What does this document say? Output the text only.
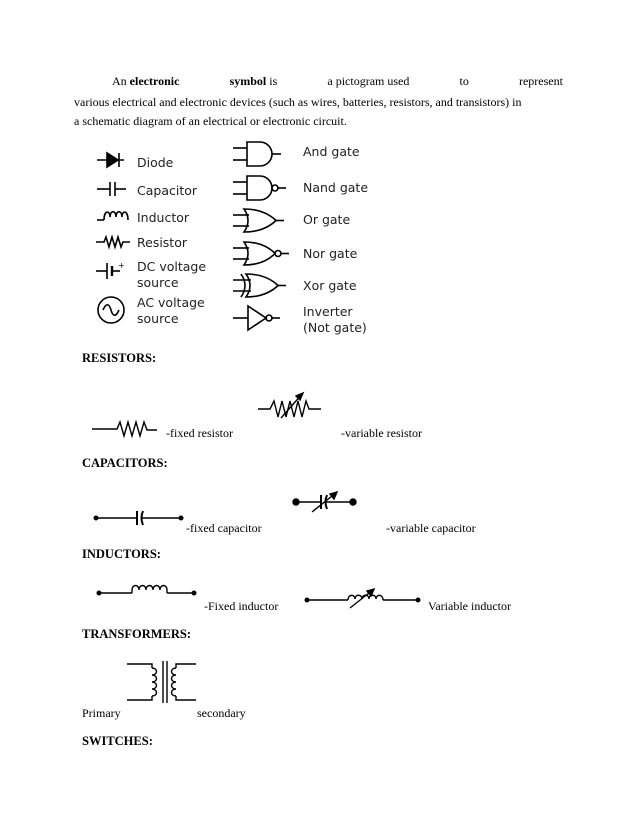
An electronic	symbol is	a pictogram used	to	represent
various electrical and electronic devices (such as wires, batteries, resistors, and transistors) in
a schematic diagram of an electrical or electronic circuit.
Diode
Capacitor
Inductor
Resistor
DC voltage
source
+
AC voltage
source
And gate
Nand gate
Or gate
Nor gate
Xor gate
Inverter
(Not gate)
RESISTORS:
CAPACITORS:
INDUCTORS:
TRANSFORMERS:
SWITCHES:
-fixed resistor	-variable resistor
-fixed capacitor	-variable capacitor
-Fixed inductor	Variable inductor
Primary	secondary
